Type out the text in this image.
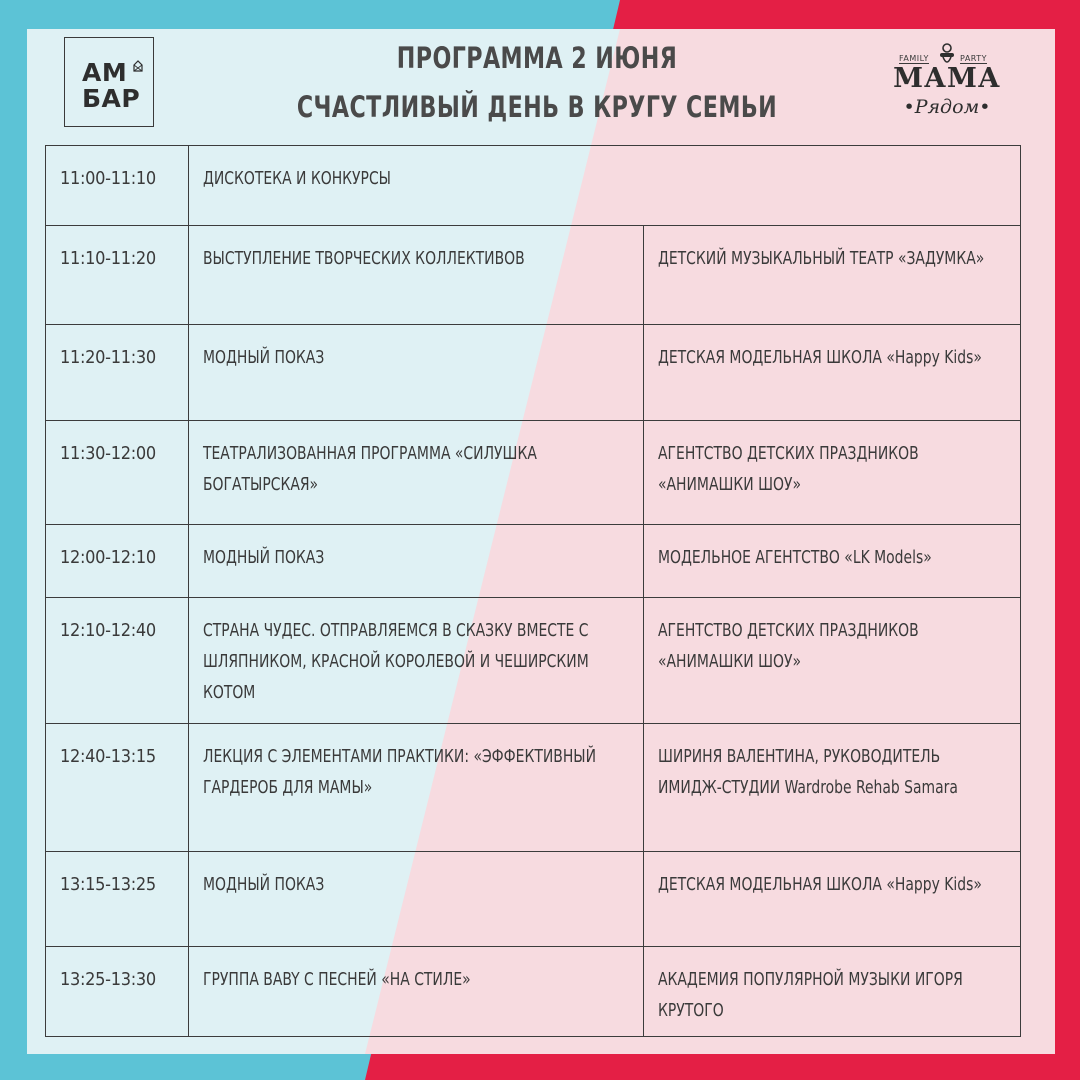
АМ
БАР
ПРОГРАММА 2 ИЮНЯ
СЧАСТЛИВЫЙ ДЕНЬ В КРУГУ СЕМЬИ
FAMILY	PARTY
МАМА
•Рядом•
11:00-11:10	ДИСКОТЕКА И КОНКУРСЫ	
11:10-11:20	ВЫСТУПЛЕНИЕ ТВОРЧЕСКИХ КОЛЛЕКТИВОВ	ДЕТСКИЙ МУЗЫКАЛЬНЫЙ ТЕАТР «ЗАДУМКА»
11:20-11:30	МОДНЫЙ ПОКАЗ	ДЕТСКАЯ МОДЕЛЬНАЯ ШКОЛА «Happy Kids»
11:30-12:00	ТЕАТРАЛИЗОВАННАЯ ПРОГРАММА «СИЛУШКА БОГАТЫРСКАЯ»	АГЕНТСТВО ДЕТСКИХ ПРАЗДНИКОВ «АНИМАШКИ ШОУ»
12:00-12:10	МОДНЫЙ ПОКАЗ	МОДЕЛЬНОЕ АГЕНТСТВО «LK Models»
12:10-12:40	СТРАНА ЧУДЕС. ОТПРАВЛЯЕМСЯ В СКАЗКУ ВМЕСТЕ С ШЛЯПНИКОМ, КРАСНОЙ КОРОЛЕВОЙ И ЧЕШИРСКИМ КОТОМ	АГЕНТСТВО ДЕТСКИХ ПРАЗДНИКОВ «АНИМАШКИ ШОУ»
12:40-13:15	ЛЕКЦИЯ С ЭЛЕМЕНТАМИ ПРАКТИКИ: «ЭФФЕКТИВНЫЙ ГАРДЕРОБ ДЛЯ МАМЫ»	ШИРИНЯ ВАЛЕНТИНА, РУКОВОДИТЕЛЬ ИМИДЖ-СТУДИИ Wardrobe Rehab Samara
13:15-13:25	МОДНЫЙ ПОКАЗ	ДЕТСКАЯ МОДЕЛЬНАЯ ШКОЛА «Happy Kids»
13:25-13:30	ГРУППА BABY С ПЕСНЕЙ «НА СТИЛЕ»	АКАДЕМИЯ ПОПУЛЯРНОЙ МУЗЫКИ ИГОРЯ КРУТОГО
